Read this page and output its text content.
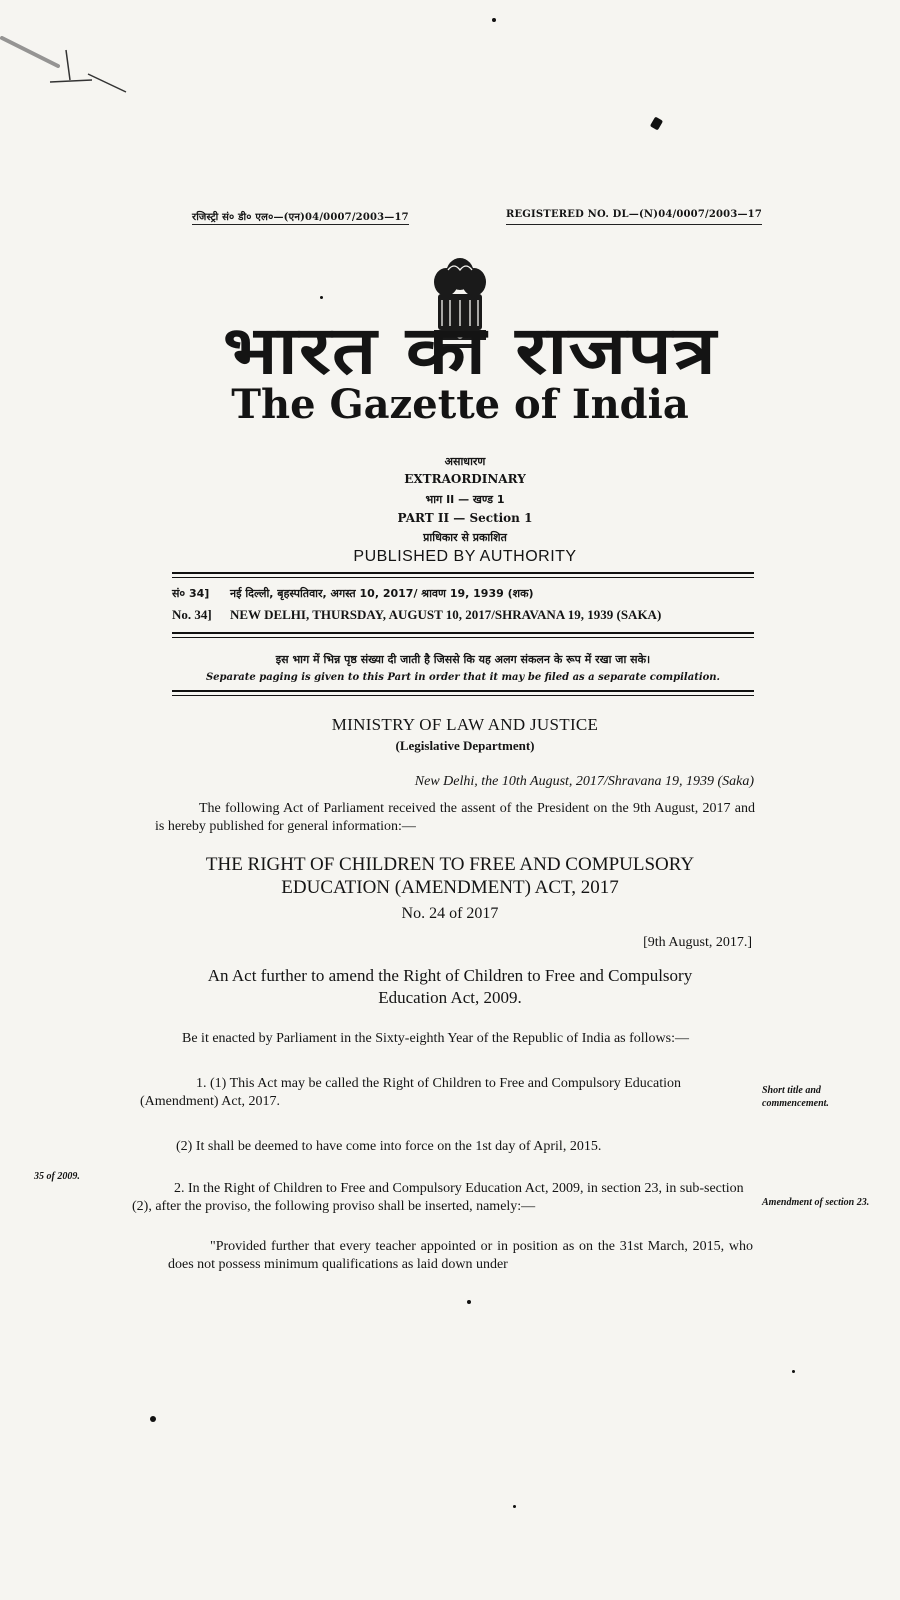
रजिस्ट्री सं० डी० एल०—(एन)04/0007/2003—17	REGISTERED NO. DL—(N)04/0007/2003—17
भारत का राजपत्र
The Gazette of India
असाधारण
EXTRAORDINARY
भाग II — खण्ड 1
PART II — Section 1
प्राधिकार से प्रकाशित
PUBLISHED BY AUTHORITY
सं० 34]	नई दिल्ली, बृहस्पतिवार, अगस्त 10, 2017/ श्रावण 19, 1939 (शक)
No. 34]	NEW DELHI, THURSDAY, AUGUST 10, 2017/SHRAVANA 19, 1939 (SAKA)
इस भाग में भिन्न पृष्ठ संख्या दी जाती है जिससे कि यह अलग संकलन के रूप में रखा जा सके।
Separate paging is given to this Part in order that it may be filed as a separate compilation.
MINISTRY OF LAW AND JUSTICE
(Legislative Department)
New Delhi, the 10th August, 2017/Shravana 19, 1939 (Saka)
The following Act of Parliament received the assent of the President on the 9th August, 2017 and is hereby published for general information:—
THE RIGHT OF CHILDREN TO FREE AND COMPULSORY
EDUCATION (AMENDMENT) ACT, 2017
No. 24 of 2017
[9th August, 2017.]
An Act further to amend the Right of Children to Free and Compulsory
Education Act, 2009.
Be it enacted by Parliament in the Sixty-eighth Year of the Republic of India as follows:—
1. (1) This Act may be called the Right of Children to Free and Compulsory Education (Amendment) Act, 2017.
(2) It shall be deemed to have come into force on the 1st day of April, 2015.
2. In the Right of Children to Free and Compulsory Education Act, 2009, in section 23, in sub-section (2), after the proviso, the following proviso shall be inserted, namely:—
"Provided further that every teacher appointed or in position as on the 31st March, 2015, who does not possess minimum qualifications as laid down under
Short title and commencement.
35 of 2009.
Amendment of section 23.
